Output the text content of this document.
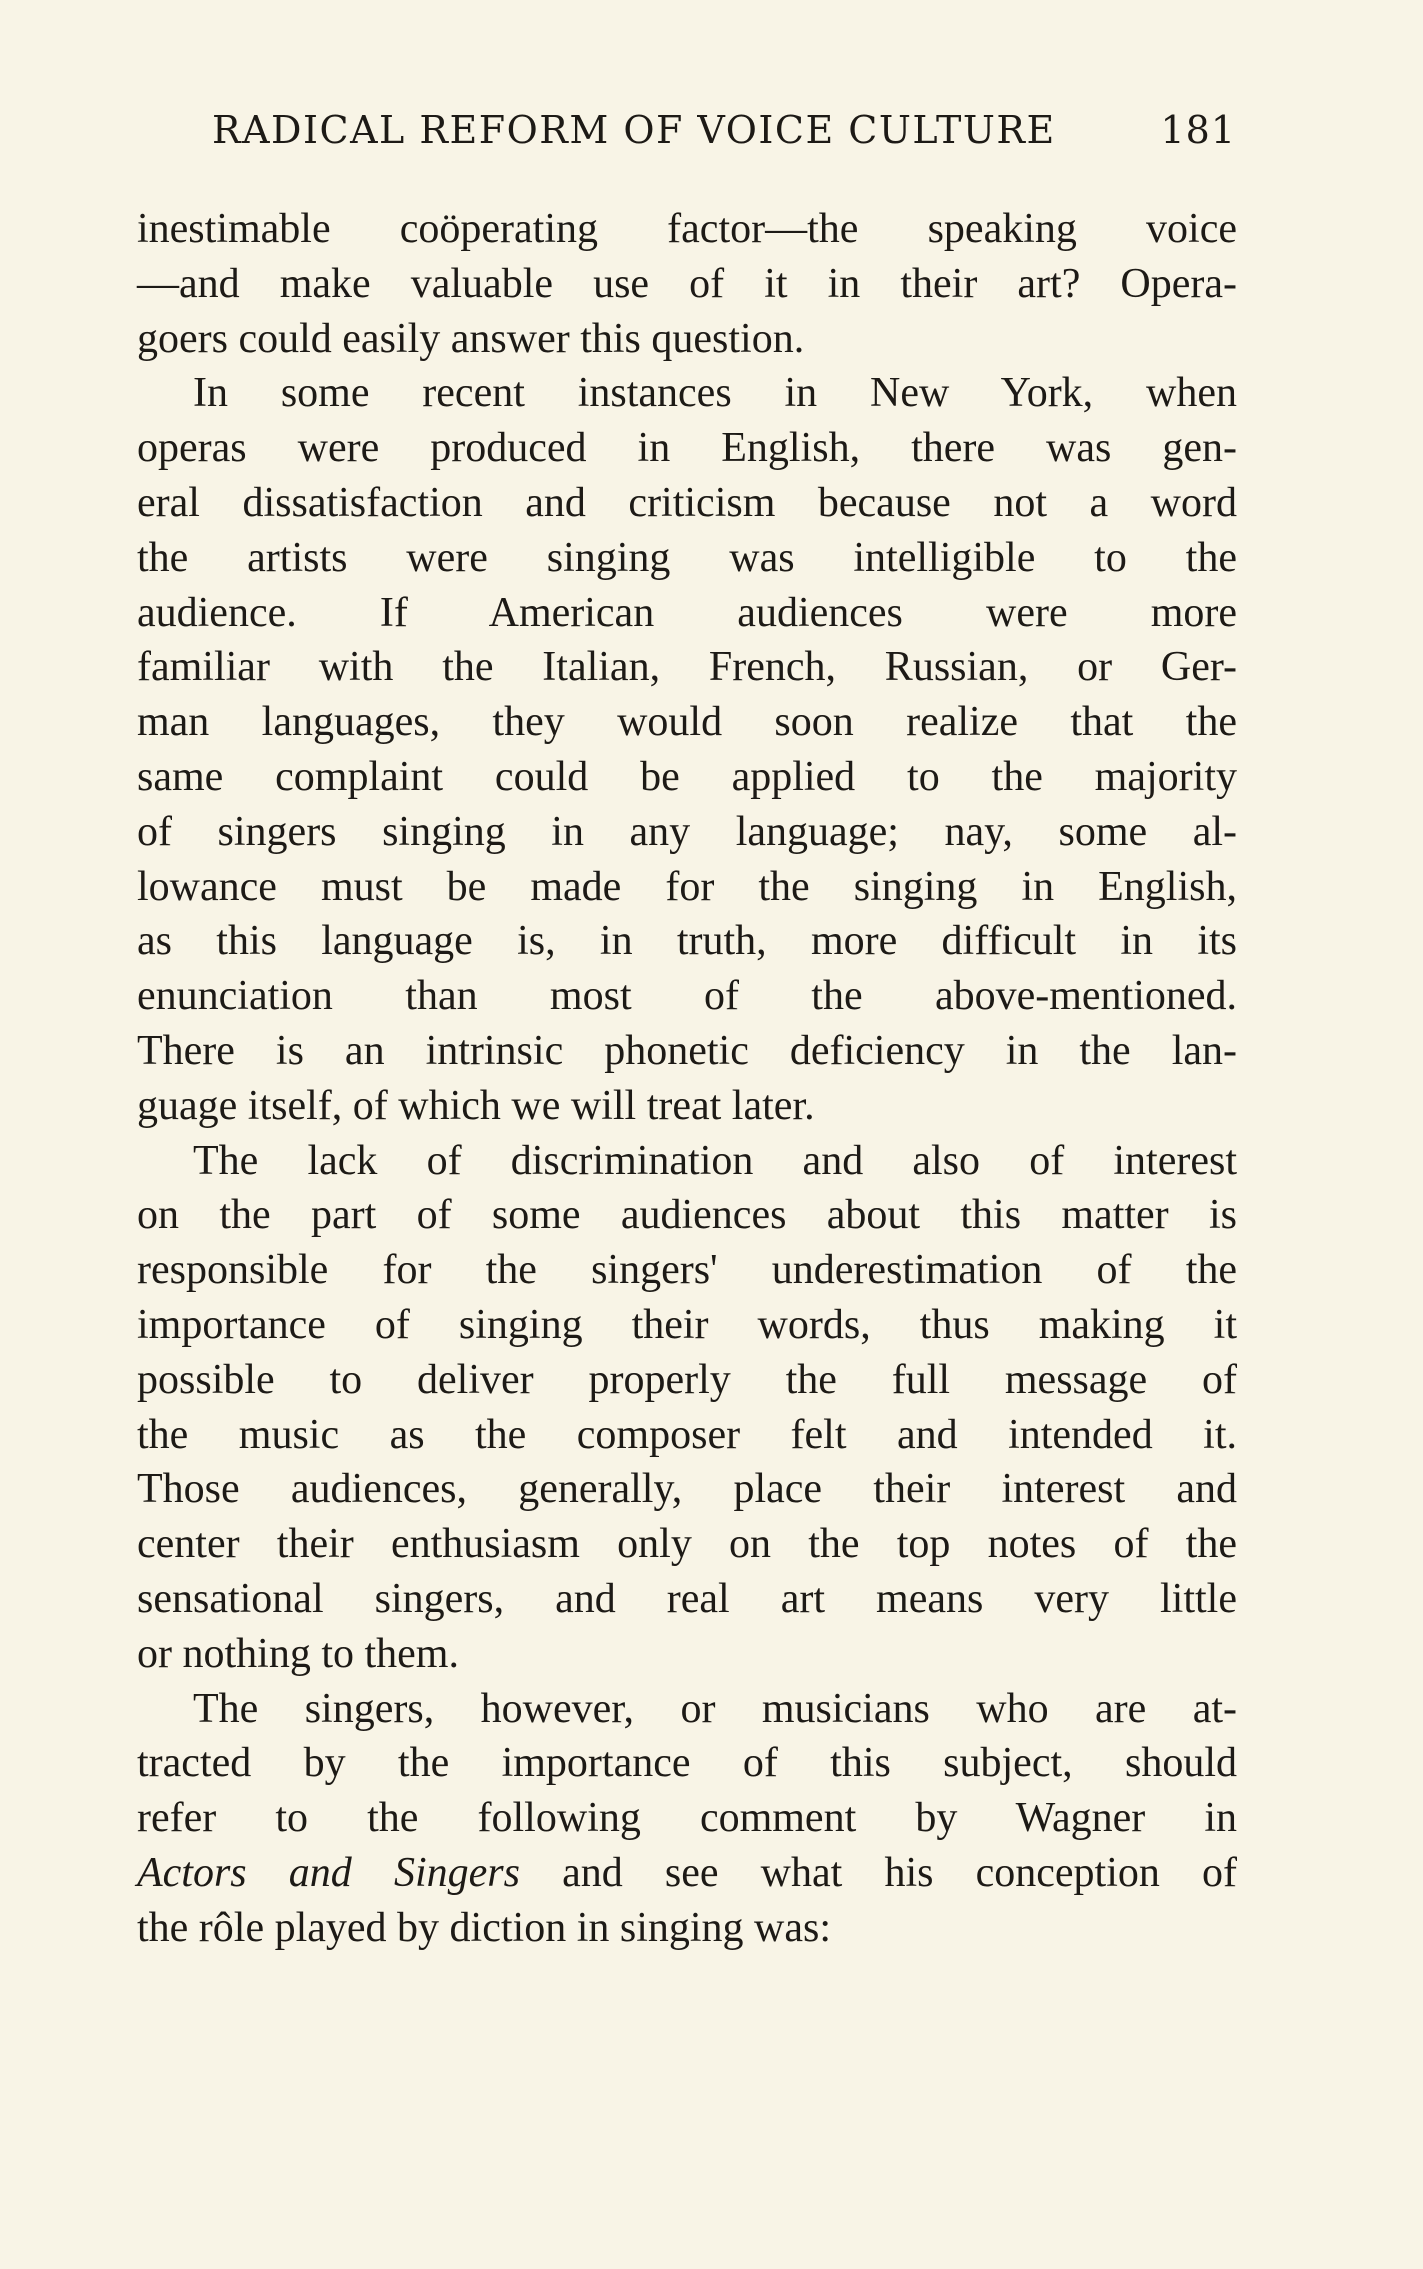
RADICAL REFORM OF VOICE CULTURE	181
inestimable coöperating factor—the speaking voice
—and make valuable use of it in their art? Opera-
goers could easily answer this question.
In some recent instances in New York, when
operas were produced in English, there was gen-
eral dissatisfaction and criticism because not a word
the artists were singing was intelligible to the
audience. If American audiences were more
familiar with the Italian, French, Russian, or Ger-
man languages, they would soon realize that the
same complaint could be applied to the majority
of singers singing in any language; nay, some al-
lowance must be made for the singing in English,
as this language is, in truth, more difficult in its
enunciation than most of the above-mentioned.
There is an intrinsic phonetic deficiency in the lan-
guage itself, of which we will treat later.
The lack of discrimination and also of interest
on the part of some audiences about this matter is
responsible for the singers' underestimation of the
importance of singing their words, thus making it
possible to deliver properly the full message of
the music as the composer felt and intended it.
Those audiences, generally, place their interest and
center their enthusiasm only on the top notes of the
sensational singers, and real art means very little
or nothing to them.
The singers, however, or musicians who are at-
tracted by the importance of this subject, should
refer to the following comment by Wagner in
Actors and Singers and see what his conception of
the rôle played by diction in singing was:
